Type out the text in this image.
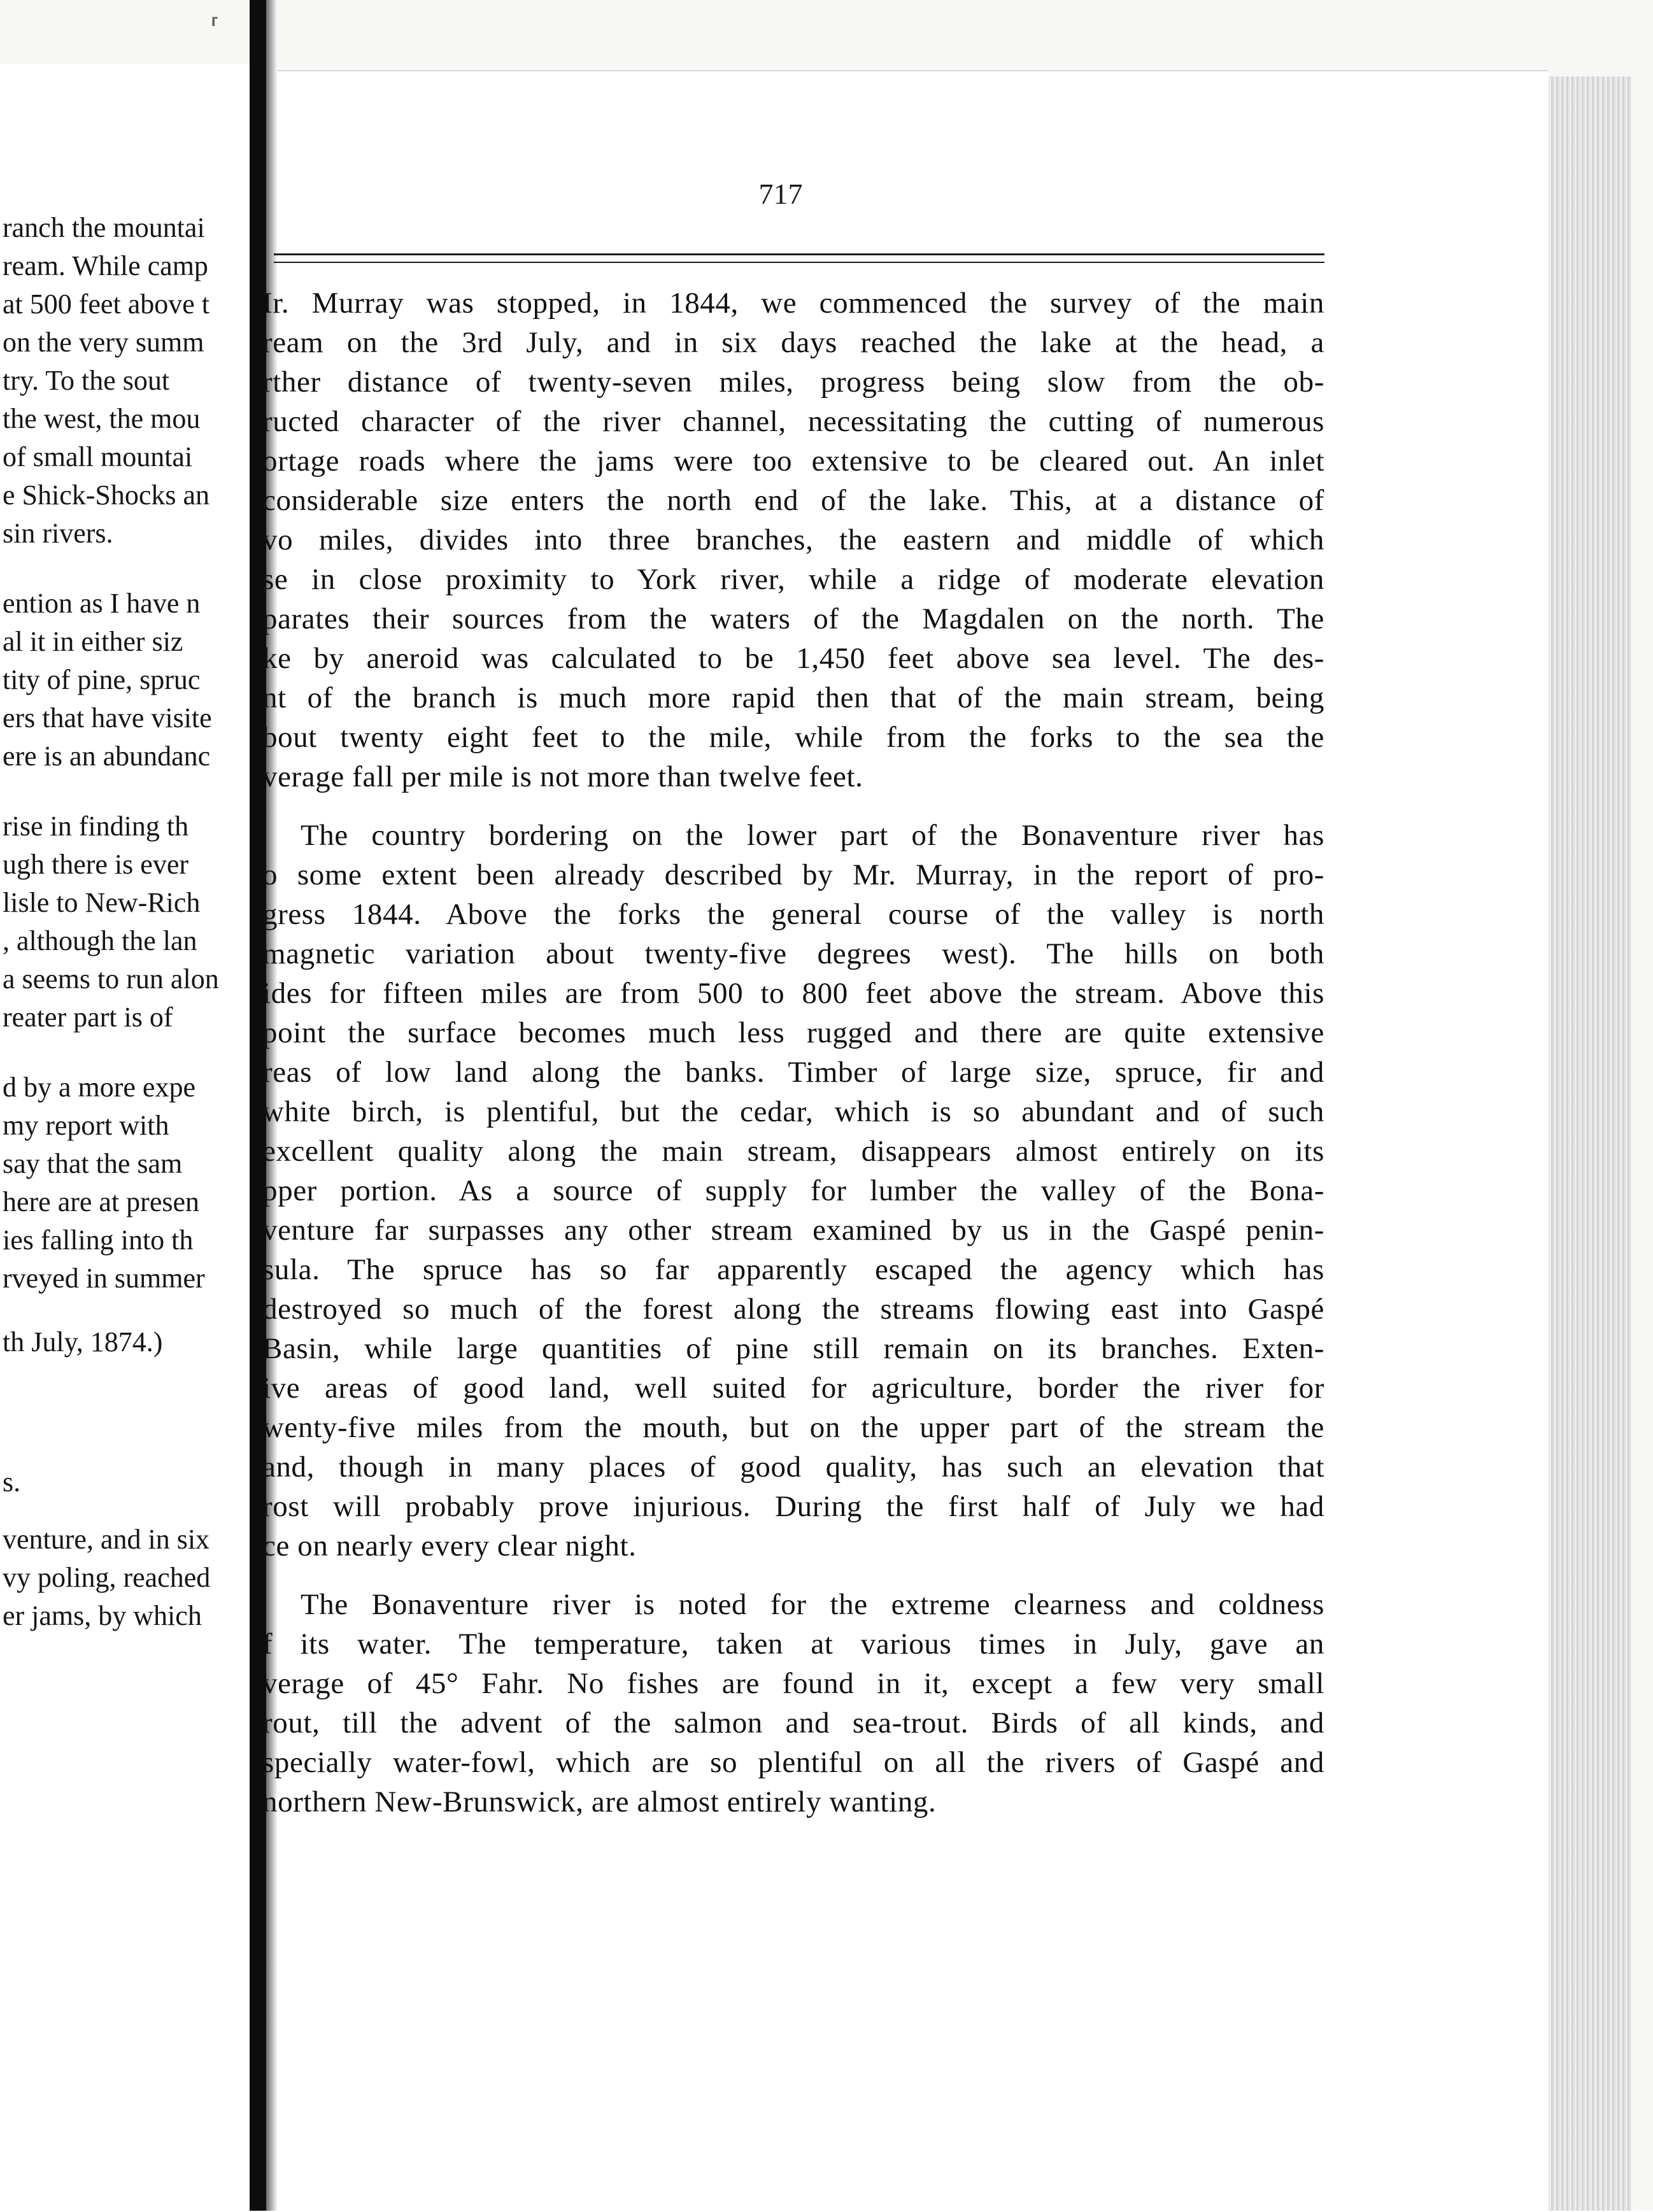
⸢
ranch the mountai
ream. While camp
at 500 feet above t
on the very summ
try. To the sout
the west, the mou
of small mountai
e Shick-Shocks an
sin rivers.
ention as I have n
al it in either siz
tity of pine, spruc
ers that have visite
ere is an abundanc
rise in finding th
ugh there is ever
lisle to New-Rich
, although the lan
a seems to run alon
reater part is of
d by a more expe
my report with
say that the sam
here are at presen
ies falling into th
rveyed in summer
th July, 1874.)
s.
venture, and in six
vy poling, reached
er jams, by which
717
Ir. Murray was stopped, in 1844, we commenced the survey of the main
ream on the 3rd July, and in six days reached the lake at the head, a
rther distance of twenty-seven miles, progress being slow from the ob-
ructed character of the river channel, necessitating the cutting of numerous
ortage roads where the jams were too extensive to be cleared out. An inlet
considerable size enters the north end of the lake. This, at a distance of
vo miles, divides into three branches, the eastern and middle of which
se in close proximity to York river, while a ridge of moderate elevation
parates their sources from the waters of the Magdalen on the north. The
ke by aneroid was calculated to be 1,450 feet above sea level. The des-
nt of the branch is much more rapid then that of the main stream, being
bout twenty eight feet to the mile, while from the forks to the sea the
verage fall per mile is not more than twelve feet.
The country bordering on the lower part of the Bonaventure river has
o some extent been already described by Mr. Murray, in the report of pro-
gress 1844. Above the forks the general course of the valley is north
magnetic variation about twenty-five degrees west). The hills on both
ides for fifteen miles are from 500 to 800 feet above the stream. Above this
point the surface becomes much less rugged and there are quite extensive
reas of low land along the banks. Timber of large size, spruce, fir and
white birch, is plentiful, but the cedar, which is so abundant and of such
excellent quality along the main stream, disappears almost entirely on its
pper portion. As a source of supply for lumber the valley of the Bona-
venture far surpasses any other stream examined by us in the Gaspé penin-
sula. The spruce has so far apparently escaped the agency which has
destroyed so much of the forest along the streams flowing east into Gaspé
Basin, while large quantities of pine still remain on its branches. Exten-
ive areas of good land, well suited for agriculture, border the river for
wenty-five miles from the mouth, but on the upper part of the stream the
and, though in many places of good quality, has such an elevation that
rost will probably prove injurious. During the first half of July we had
ce on nearly every clear night.
The Bonaventure river is noted for the extreme clearness and coldness
f its water. The temperature, taken at various times in July, gave an
verage of 45° Fahr. No fishes are found in it, except a few very small
rout, till the advent of the salmon and sea-trout. Birds of all kinds, and
specially water-fowl, which are so plentiful on all the rivers of Gaspé and
northern New-Brunswick, are almost entirely wanting.
